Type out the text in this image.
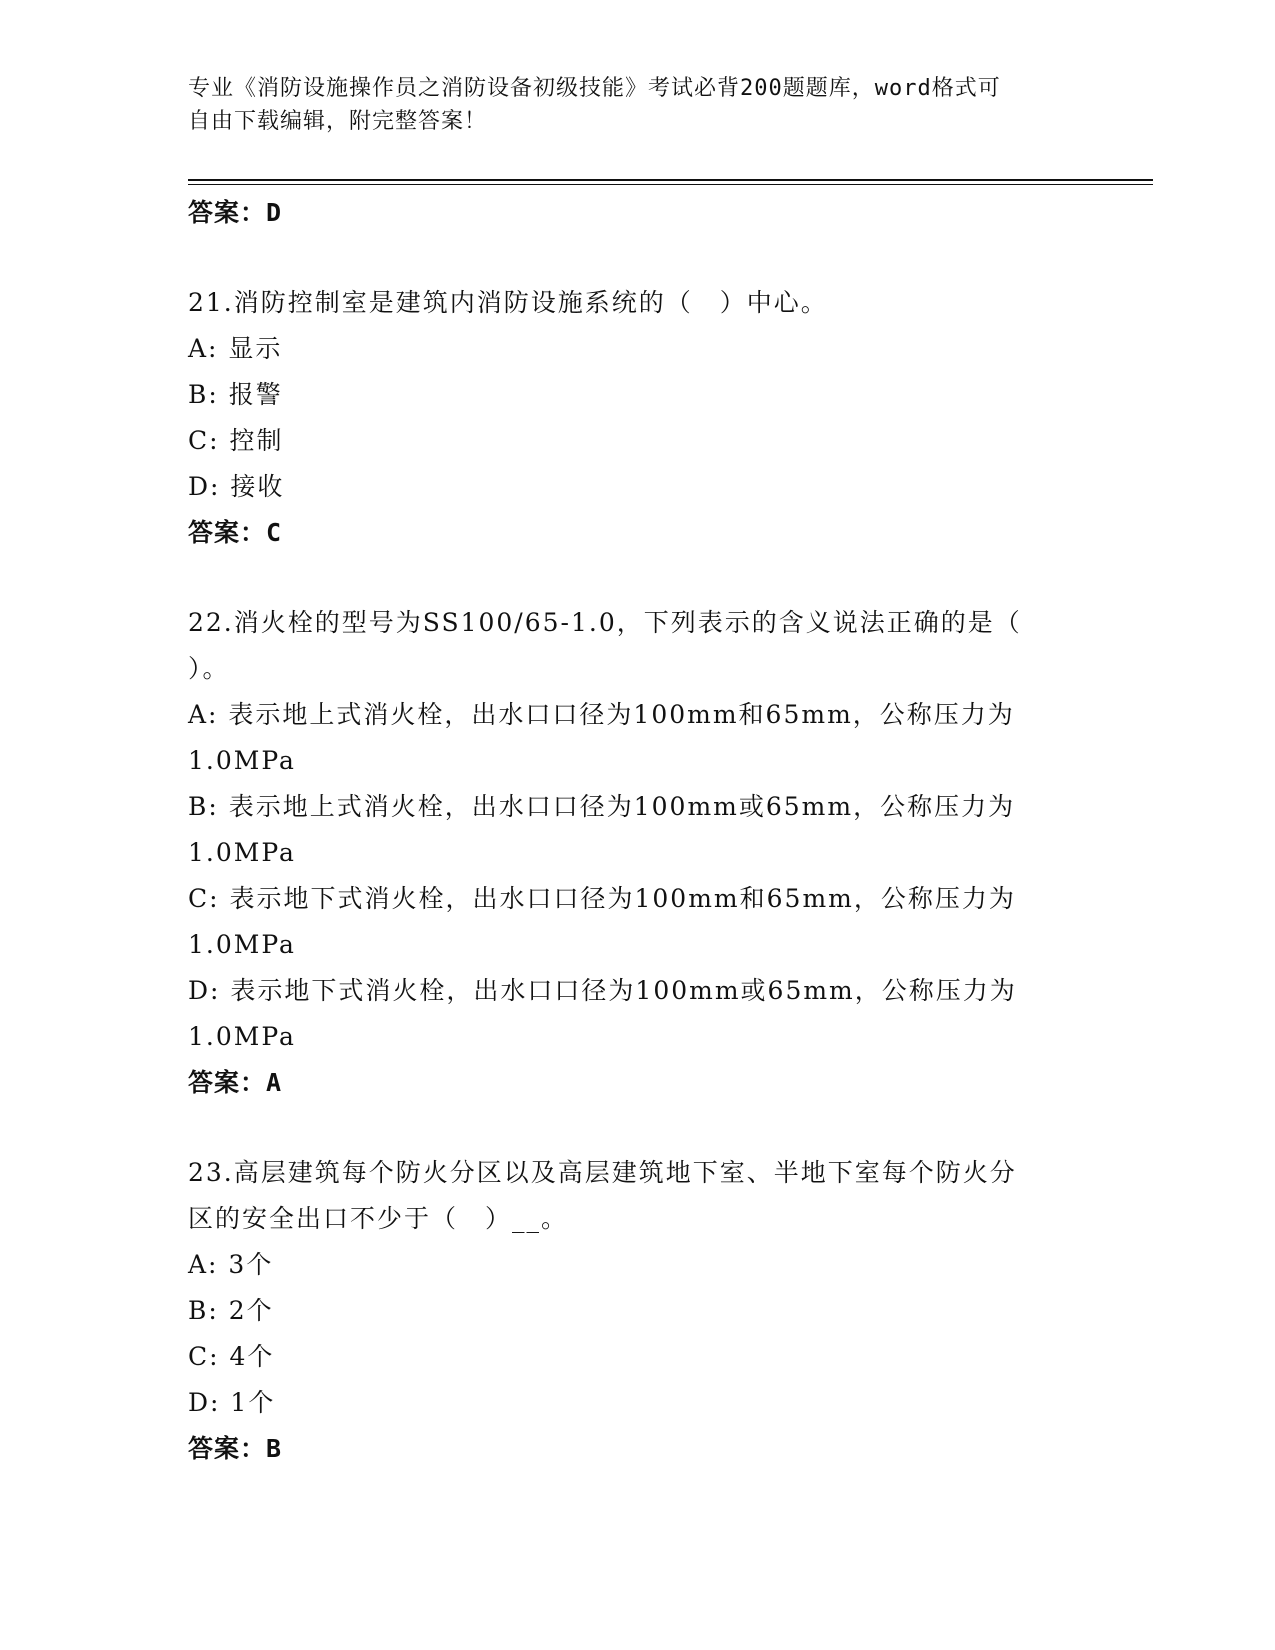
专业《消防设施操作员之消防设备初级技能》考试必背200题题库，word格式可
自由下载编辑，附完整答案！
答案：D
21.消防控制室是建筑内消防设施系统的（　）中心。
A: 显示
B: 报警
C: 控制
D: 接收
答案：C
22.消火栓的型号为SS100/65-1.0，下列表示的含义说法正确的是（
）。
A: 表示地上式消火栓，出水口口径为100mm和65mm，公称压力为
1.0MPa
B: 表示地上式消火栓，出水口口径为100mm或65mm，公称压力为
1.0MPa
C: 表示地下式消火栓，出水口口径为100mm和65mm，公称压力为
1.0MPa
D: 表示地下式消火栓，出水口口径为100mm或65mm，公称压力为
1.0MPa
答案：A
23.高层建筑每个防火分区以及高层建筑地下室、半地下室每个防火分
区的安全出口不少于（　）__。
A: 3个
B: 2个
C: 4个
D: 1个
答案：B
